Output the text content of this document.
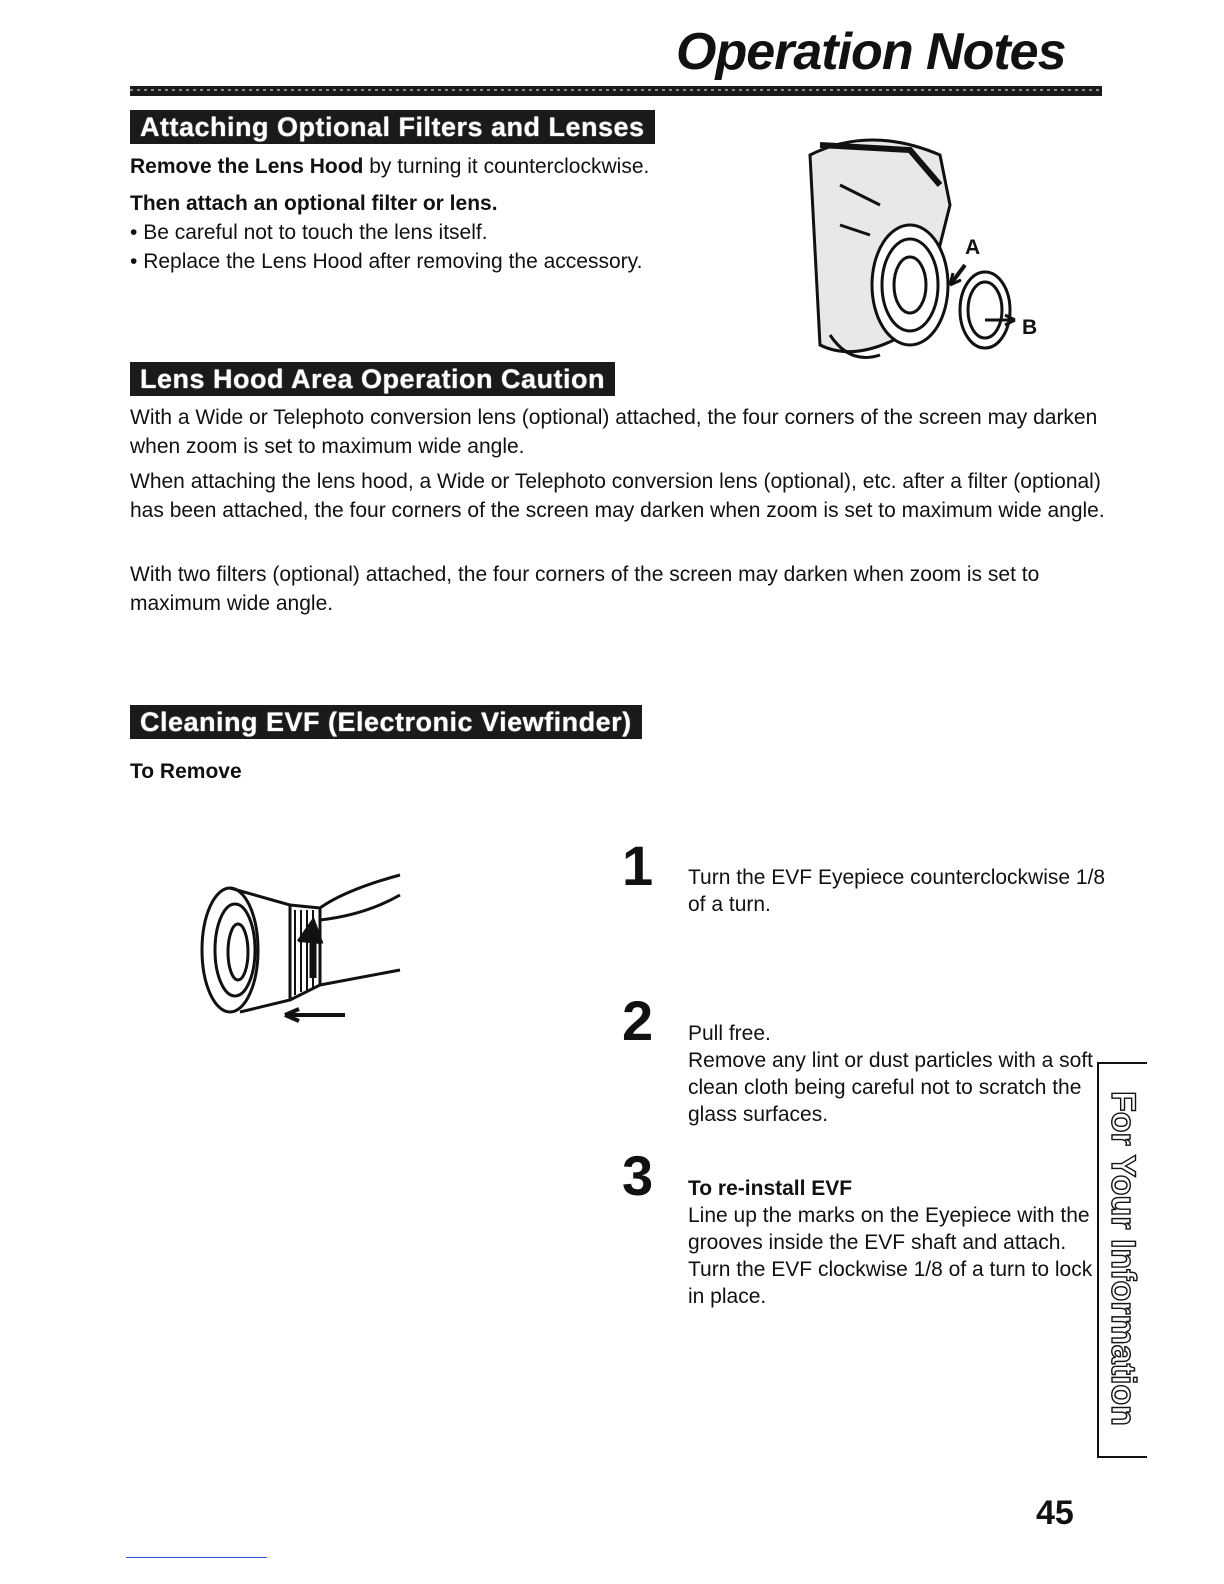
Operation Notes
Attaching Optional Filters and Lenses
Remove the Lens Hood by turning it counterclockwise.
Then attach an optional filter or lens.
• Be careful not to touch the lens itself.
• Replace the Lens Hood after removing the accessory.
A
B
Lens Hood Area Operation Caution

With a Wide or Telephoto conversion lens (optional) attached, the four corners of the screen may darken when zoom is set to maximum wide angle.

When attaching the lens hood, a Wide or Telephoto conversion lens (optional), etc. after a filter (optional) has been attached, the four corners of the screen may darken when zoom is set to maximum wide angle.

With two filters (optional) attached, the four corners of the screen may darken when zoom is set to maximum wide angle.

Cleaning EVF (Electronic Viewfinder)
To Remove
1 Turn the EVF Eyepiece counterclockwise 1/8 of a turn.

2 Pull free.
Remove any lint or dust particles with a soft clean cloth being careful not to scratch the glass surfaces.
3 To re-install EVF
Line up the marks on the Eyepiece with the grooves inside the EVF shaft and attach. Turn the EVF clockwise 1/8 of a turn to lock in place.	For Your Information
45
